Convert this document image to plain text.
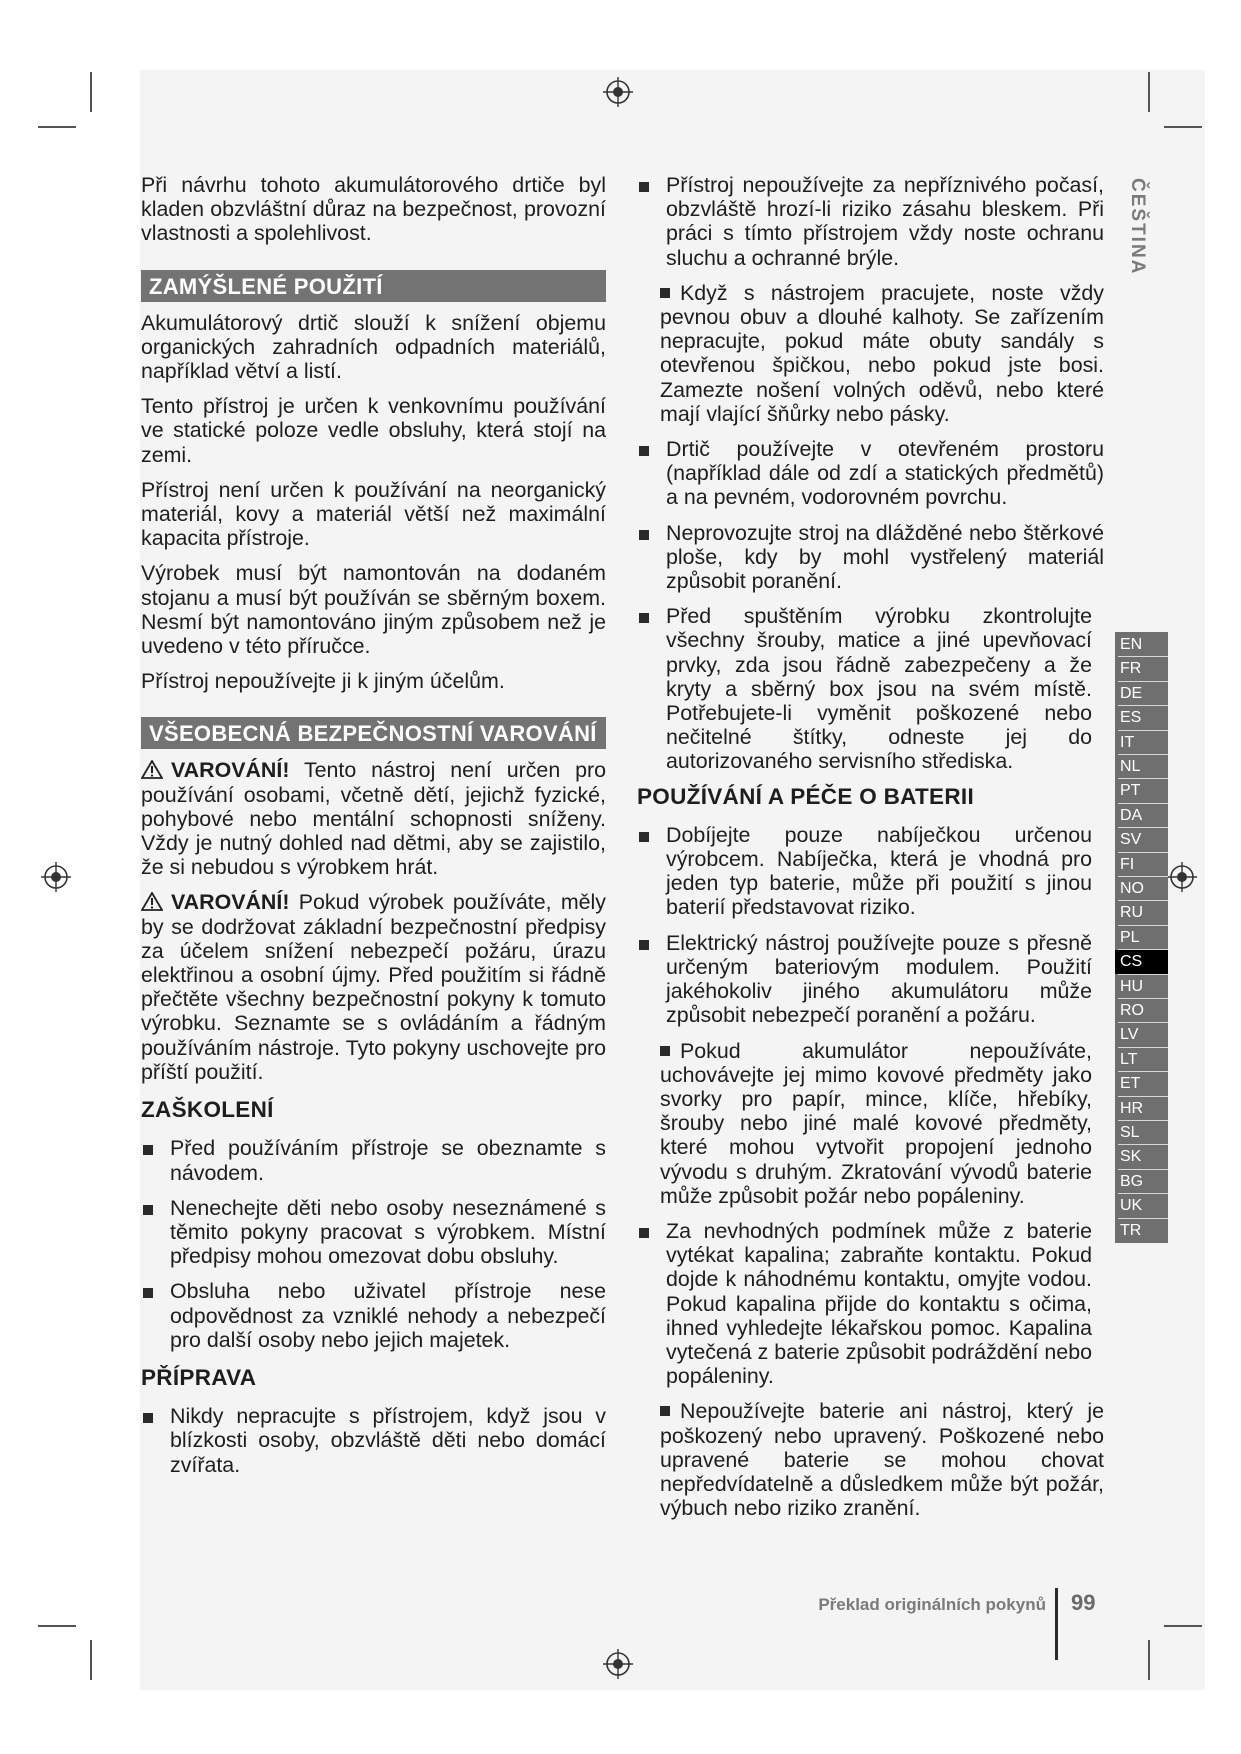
Při návrhu tohoto akumulátorového drtiče byl kladen obzvláštní důraz na bezpečnost, provozní vlastnosti a spolehlivost.

ZAMÝŠLENÉ POUŽITÍ

Akumulátorový drtič slouží k snížení objemu organických zahradních odpadních materiálů, například větví a listí.

Tento přístroj je určen k venkovnímu používání ve statické poloze vedle obsluhy, která stojí na zemi.

Přístroj není určen k používání na neorganický materiál, kovy a materiál větší než maximální kapacita přístroje.

Výrobek musí být namontován na dodaném stojanu a musí být používán se sběrným boxem. Nesmí být namontováno jiným způsobem než je uvedeno v této příručce.

Přístroj nepoužívejte ji k jiným účelům.

VŠEOBECNÁ BEZPEČNOSTNÍ VAROVÁNÍ

VAROVÁNÍ! Tento nástroj není určen pro používání osobami, včetně dětí, jejichž fyzické, pohybové nebo mentální schopnosti sníženy. Vždy je nutný dohled nad dětmi, aby se zajistilo, že si nebudou s výrobkem hrát.

VAROVÁNÍ! Pokud výrobek používáte, měly by se dodržovat základní bezpečnostní předpisy za účelem snížení nebezpečí požáru, úrazu elektřinou a osobní újmy. Před použitím si řádně přečtěte všechny bezpečnostní pokyny k tomuto výrobku. Seznamte se s ovládáním a řádným používáním nástroje. Tyto pokyny uschovejte pro příští použití.

ZAŠKOLENÍ
Před používáním přístroje se obeznamte s návodem.
Nenechejte děti nebo osoby neseznámené s těmito pokyny pracovat s výrobkem. Místní předpisy mohou omezovat dobu obsluhy.
Obsluha nebo uživatel přístroje nese odpovědnost za vzniklé nehody a nebezpečí pro další osoby nebo jejich majetek.
PŘÍPRAVA
Nikdy nepracujte s přístrojem, když jsou v blízkosti osoby, obzvláště děti nebo domácí zvířata.
Přístroj nepoužívejte za nepříznivého počasí, obzvláště hrozí-li riziko zásahu bleskem. Při práci s tímto přístrojem vždy noste ochranu sluchu a ochranné brýle.
Když s nástrojem pracujete, noste vždy pevnou obuv a dlouhé kalhoty. Se zařízením nepracujte, pokud máte obuty sandály s otevřenou špičkou, nebo pokud jste bosi. Zamezte nošení volných oděvů, nebo které mají vlající šňůrky nebo pásky.
Drtič používejte v otevřeném prostoru (například dále od zdí a statických předmětů) a na pevném, vodorovném povrchu.
Neprovozujte stroj na dlážděné nebo štěrkové ploše, kdy by mohl vystřelený materiál způsobit poranění.
Před spuštěním výrobku zkontrolujte všechny šrouby, matice a jiné upevňovací prvky, zda jsou řádně zabezpečeny a že kryty a sběrný box jsou na svém místě. Potřebujete-li vyměnit poškozené nebo nečitelné štítky, odneste jej do autorizovaného servisního střediska.
POUŽÍVÁNÍ A PÉČE O BATERII
Dobíjejte pouze nabíječkou určenou výrobcem. Nabíječka, která je vhodná pro jeden typ baterie, může při použití s jinou baterií představovat riziko.
Elektrický nástroj používejte pouze s přesně určeným bateriovým modulem. Použití jakéhokoliv jiného akumulátoru může způsobit nebezpečí poranění a požáru.
Pokud akumulátor nepoužíváte, uchovávejte jej mimo kovové předměty jako svorky pro papír, mince, klíče, hřebíky, šrouby nebo jiné malé kovové předměty, které mohou vytvořit propojení jednoho vývodu s druhým. Zkratování vývodů baterie může způsobit požár nebo popáleniny.
Za nevhodných podmínek může z baterie vytékat kapalina; zabraňte kontaktu. Pokud dojde k náhodnému kontaktu, omyjte vodou. Pokud kapalina přijde do kontaktu s očima, ihned vyhledejte lékařskou pomoc. Kapalina vytečená z baterie způsobit podráždění nebo popáleniny.
Nepoužívejte baterie ani nástroj, který je poškozený nebo upravený. Poškozené nebo upravené baterie se mohou chovat nepředvídatelně a důsledkem může být požár, výbuch nebo riziko zranění.
ČEŠTINA
EN
FR
DE
ES
IT
NL
PT
DA
SV
FI
NO
RU
PL
CS
HU
RO
LV
LT
ET
HR
SL
SK
BG
UK
TR
Překlad originálních pokynů 99
